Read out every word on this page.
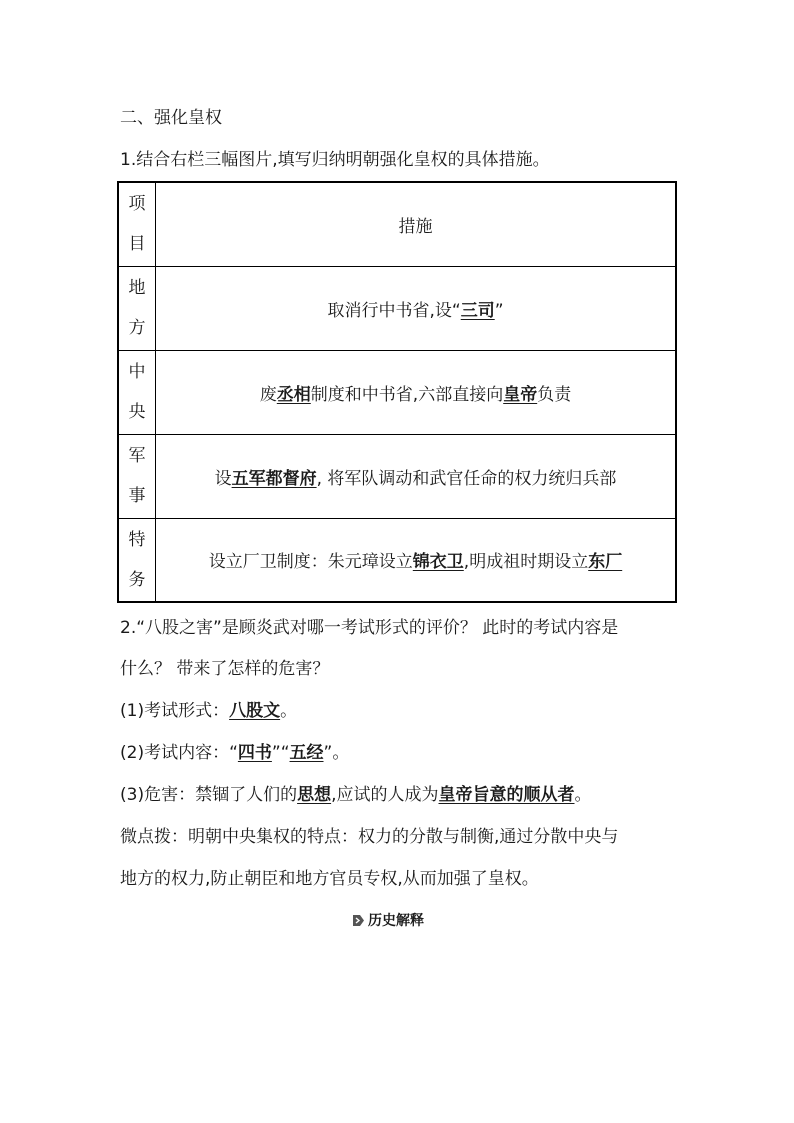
二、强化皇权
1.结合右栏三幅图片,填写归纳明朝强化皇权的具体措施。
项
目	措施

地
方	取消行中书省,设“三司”

中
央	废丞相制度和中书省,六部直接向皇帝负责

军
事	设五军都督府, 将军队调动和武官任命的权力统归兵部

特
务	设立厂卫制度：朱元璋设立锦衣卫,明成祖时期设立东厂
2.“八股之害”是顾炎武对哪一考试形式的评价？ 此时的考试内容是
什么？ 带来了怎样的危害？
(1)考试形式：八股文。
(2)考试内容：“四书”“五经”。
(3)危害：禁锢了人们的思想,应试的人成为皇帝旨意的顺从者。
微点拨：明朝中央集权的特点：权力的分散与制衡,通过分散中央与
地方的权力,防止朝臣和地方官员专权,从而加强了皇权。
历史解释
